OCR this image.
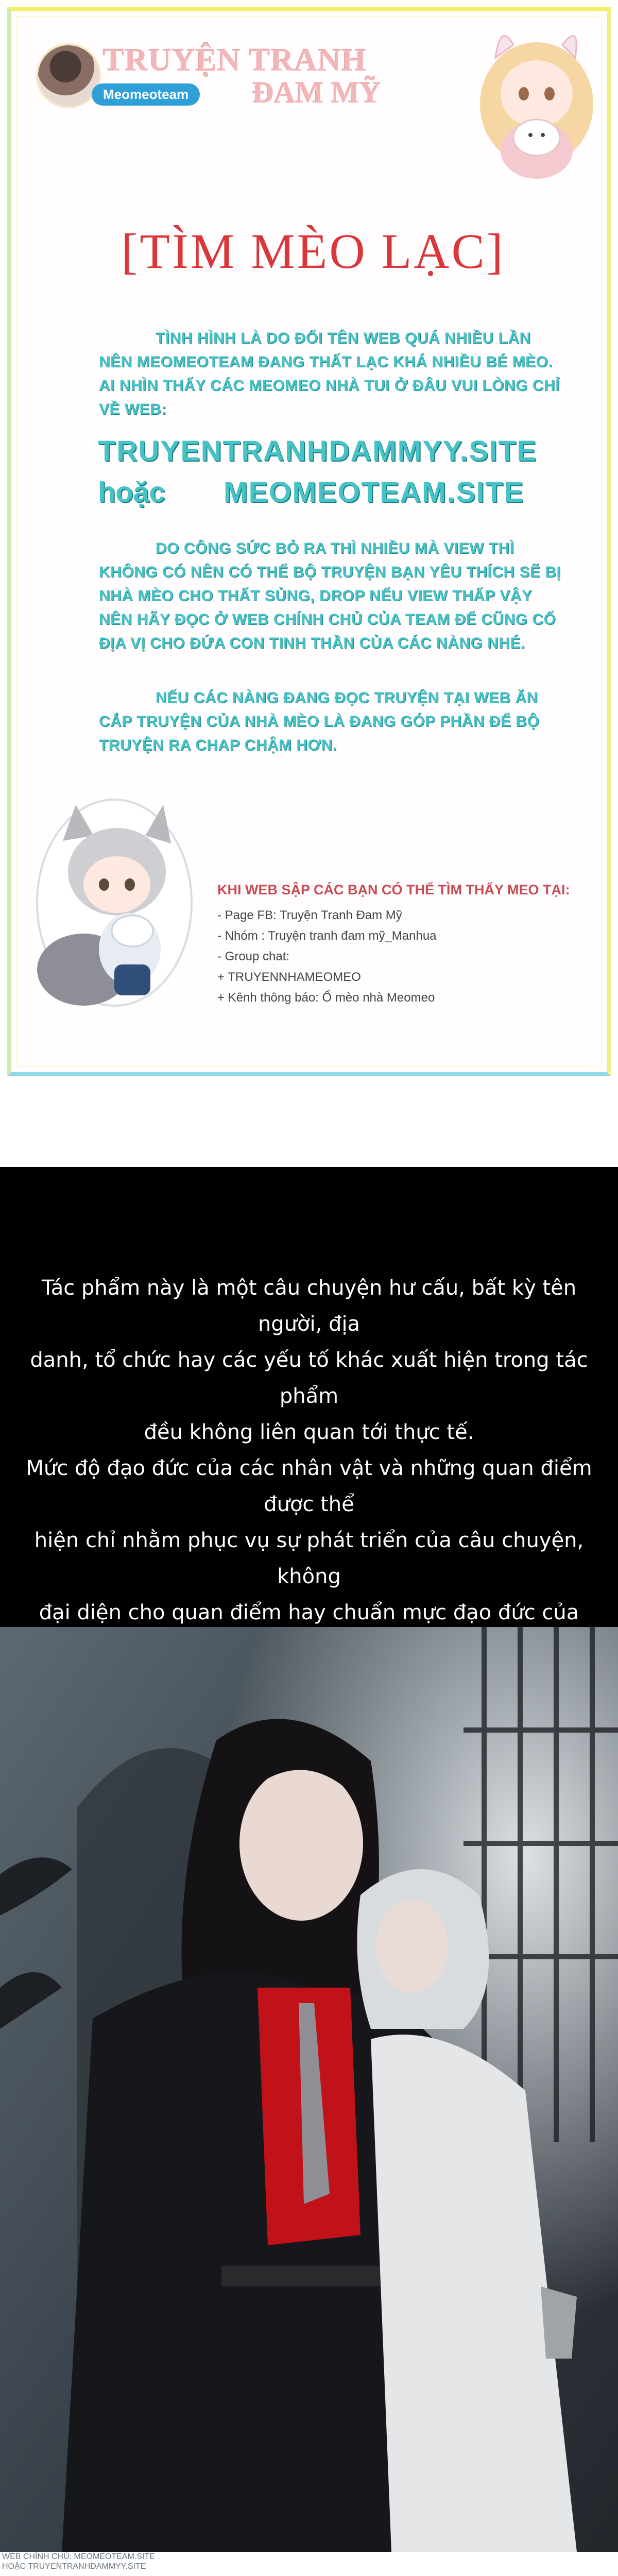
TRUYỆN TRANH
Meomeoteam	ĐAM MỸ
[TÌM MÈO LẠC]
TÌNH HÌNH LÀ DO ĐỔI TÊN WEB QUÁ NHIỀU LẦN NÊN MEOMEOTEAM ĐANG THẤT LẠC KHÁ NHIỀU BÉ MÈO. AI NHÌN THẤY CÁC MEOMEO NHÀ TUI Ở ĐÂU VUI LÒNG CHỈ VỀ WEB:
TRUYENTRANHDAMMYY.SITE
hoặc MEOMEOTEAM.SITE
DO CÔNG SỨC BỎ RA THÌ NHIỀU MÀ VIEW THÌ KHÔNG CÓ NÊN CÓ THỂ BỘ TRUYỆN BẠN YÊU THÍCH SẼ BỊ NHÀ MÈO CHO THẤT SỦNG, DROP NẾU VIEW THẤP VẬY NÊN HÃY ĐỌC Ở WEB CHÍNH CHỦ CỦA TEAM ĐỂ CŨNG CỐ ĐỊA VỊ CHO ĐỨA CON TINH THẦN CỦA CÁC NÀNG NHÉ.
NẾU CÁC NÀNG ĐANG ĐỌC TRUYỆN TẠI WEB ĂN CẮP TRUYỆN CỦA NHÀ MÈO LÀ ĐANG GÓP PHẦN ĐỂ BỘ TRUYỆN RA CHAP CHẬM HƠN.
KHI WEB SẬP CÁC BẠN CÓ THỂ TÌM THẤY MEO TẠI:
- Page FB: Truyện Tranh Đam Mỹ
- Nhóm : Truyện tranh đam mỹ_Manhua
- Group chat:
+ TRUYENNHAMEOMEO
+ Kênh thông báo: Ổ mèo nhà Meomeo
Tác phẩm này là một câu chuyện hư cấu, bất kỳ tên người, địa
danh, tổ chức hay các yếu tố khác xuất hiện trong tác phẩm
đều không liên quan tới thực tế.
Mức độ đạo đức của các nhân vật và những quan điểm được thể
hiện chỉ nhằm phục vụ sự phát triển của câu chuyện, không
đại diện cho quan điểm hay chuẩn mực đạo đức của
WEB CHÍNH CHỦ: MEOMEOTEAM.SITE
HOẶC TRUYENTRANHDAMMYY.SITE
